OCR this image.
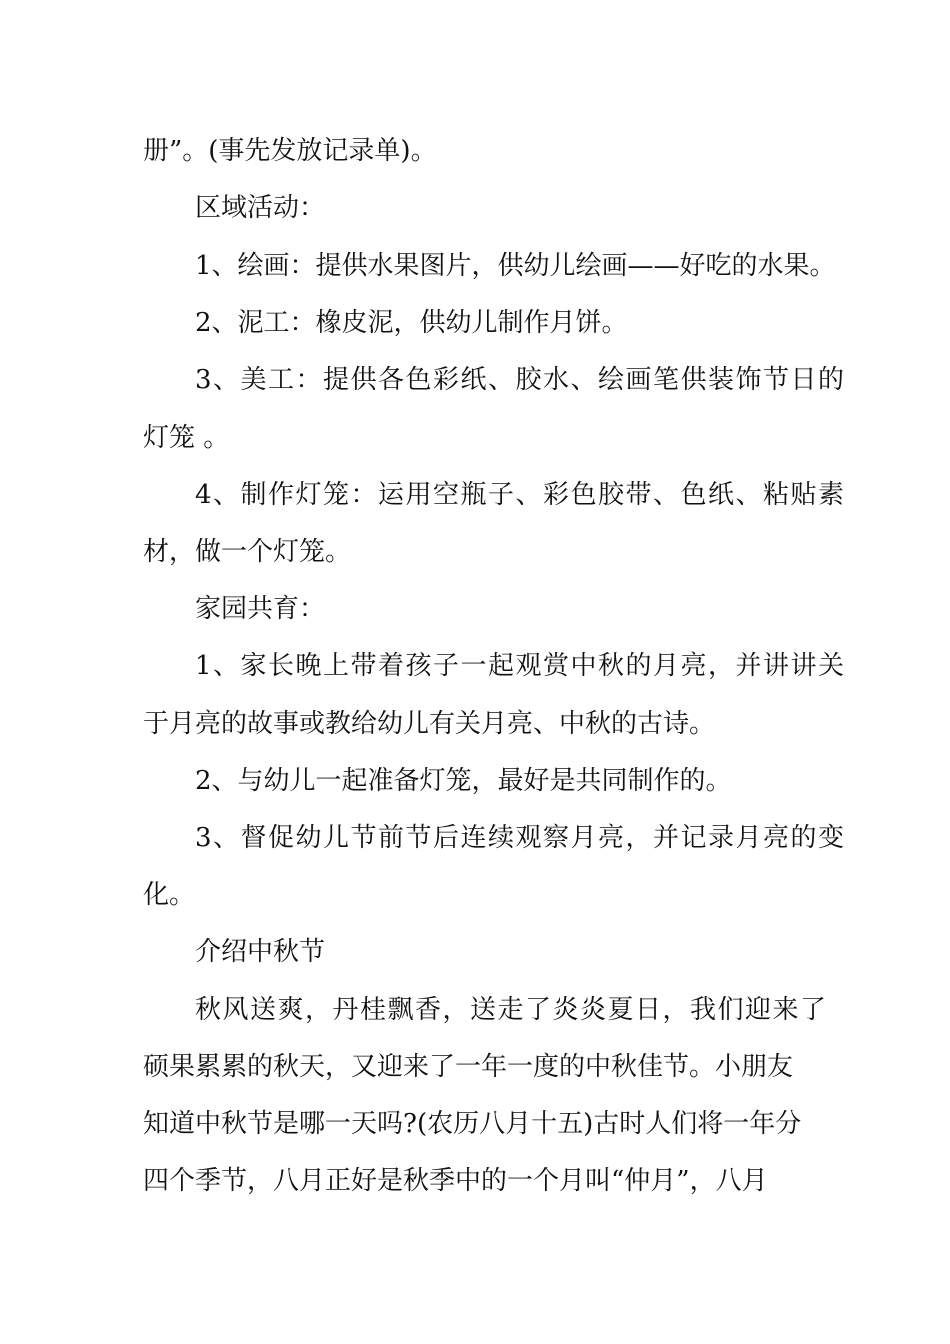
册”。(事先发放记录单)。
区域活动：
1、绘画：提供水果图片，供幼儿绘画——好吃的水果。
2、泥工：橡皮泥，供幼儿制作月饼。
3、美工：提供各色彩纸、胶水、绘画笔供装饰节日的
灯笼 。
4、制作灯笼：运用空瓶子、彩色胶带、色纸、粘贴素
材，做一个灯笼。
家园共育：
1、家长晚上带着孩子一起观赏中秋的月亮，并讲讲关
于月亮的故事或教给幼儿有关月亮、中秋的古诗。
2、与幼儿一起准备灯笼，最好是共同制作的。
3、督促幼儿节前节后连续观察月亮，并记录月亮的变
化。
介绍中秋节
秋风送爽，丹桂飘香，送走了炎炎夏日，我们迎来了
硕果累累的秋天，又迎来了一年一度的中秋佳节。小朋友
知道中秋节是哪一天吗?(农历八月十五)古时人们将一年分
四个季节，八月正好是秋季中的一个月叫“仲月”，八月
